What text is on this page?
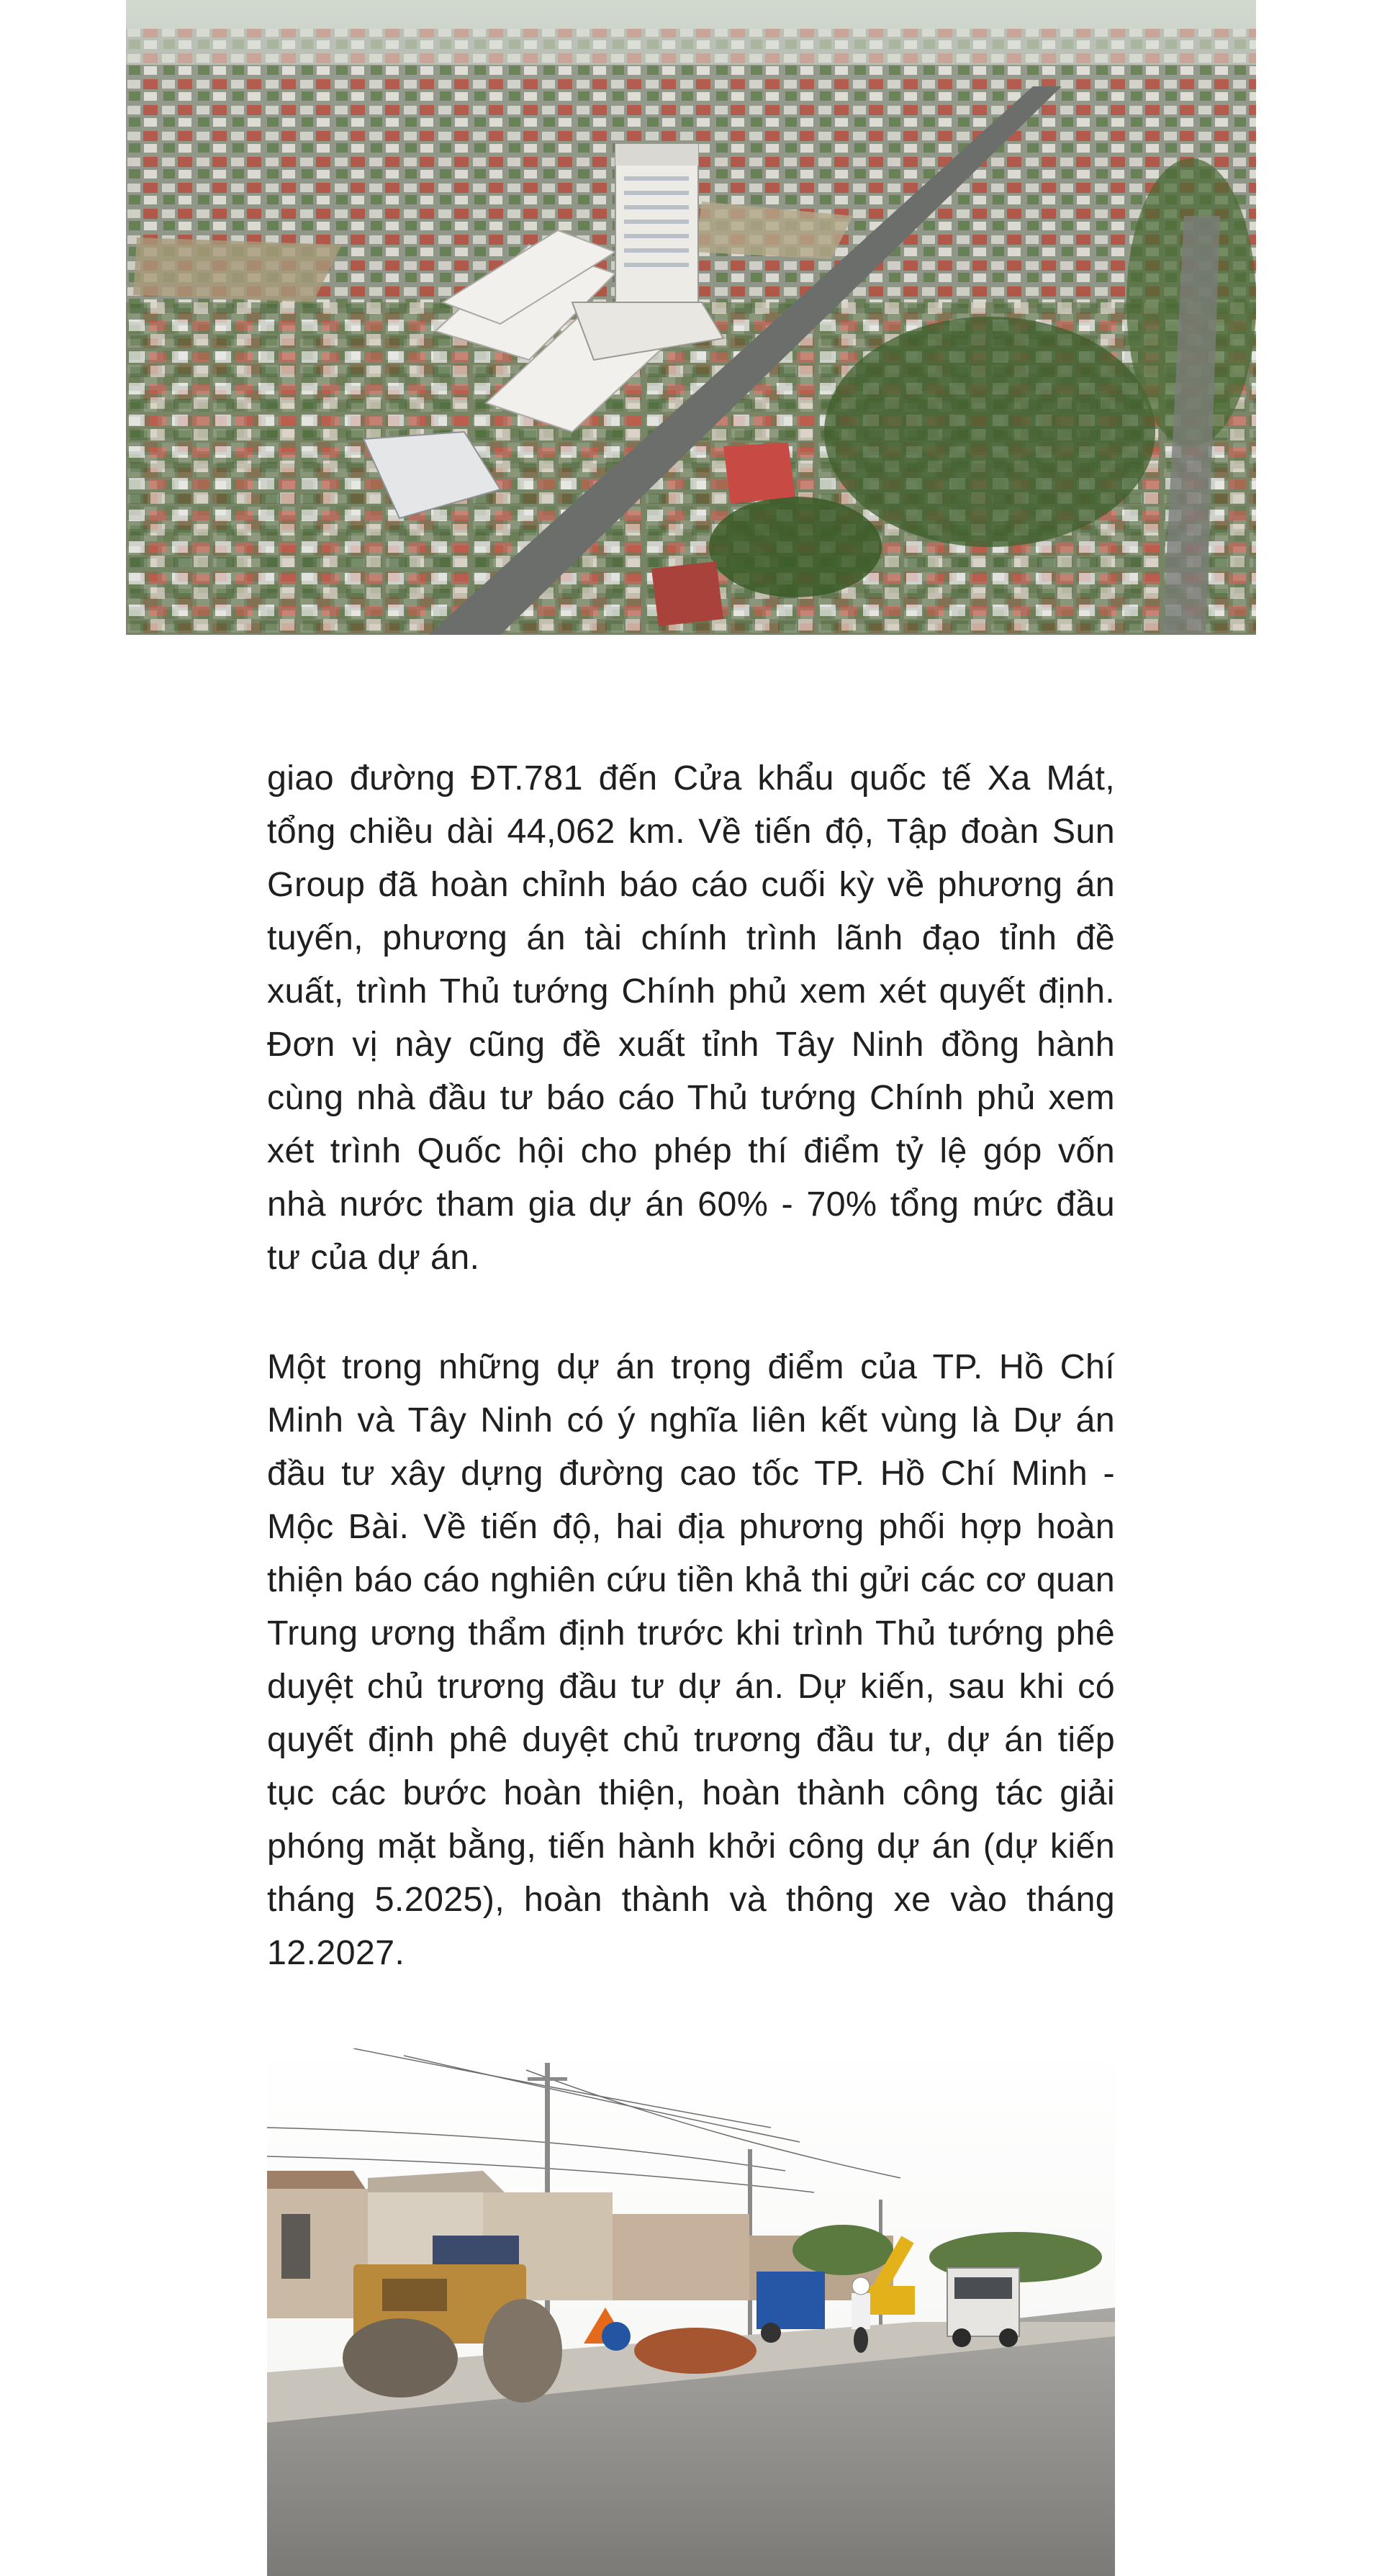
giao đường ĐT.781 đến Cửa khẩu quốc tế Xa Mát, tổng chiều dài 44,062 km. Về tiến độ, Tập đoàn Sun Group đã hoàn chỉnh báo cáo cuối kỳ về phương án tuyến, phương án tài chính trình lãnh đạo tỉnh đề xuất, trình Thủ tướng Chính phủ xem xét quyết định. Đơn vị này cũng đề xuất tỉnh Tây Ninh đồng hành cùng nhà đầu tư báo cáo Thủ tướng Chính phủ xem xét trình Quốc hội cho phép thí điểm tỷ lệ góp vốn nhà nước tham gia dự án 60% - 70% tổng mức đầu tư của dự án.

Một trong những dự án trọng điểm của TP. Hồ Chí Minh và Tây Ninh có ý nghĩa liên kết vùng là Dự án đầu tư xây dựng đường cao tốc TP. Hồ Chí Minh - Mộc Bài. Về tiến độ, hai địa phương phối hợp hoàn thiện báo cáo nghiên cứu tiền khả thi gửi các cơ quan Trung ương thẩm định trước khi trình Thủ tướng phê duyệt chủ trương đầu tư dự án. Dự kiến, sau khi có quyết định phê duyệt chủ trương đầu tư, dự án tiếp tục các bước hoàn thiện, hoàn thành công tác giải phóng mặt bằng, tiến hành khởi công dự án (dự kiến tháng 5.2025), hoàn thành và thông xe vào tháng 12.2027.
